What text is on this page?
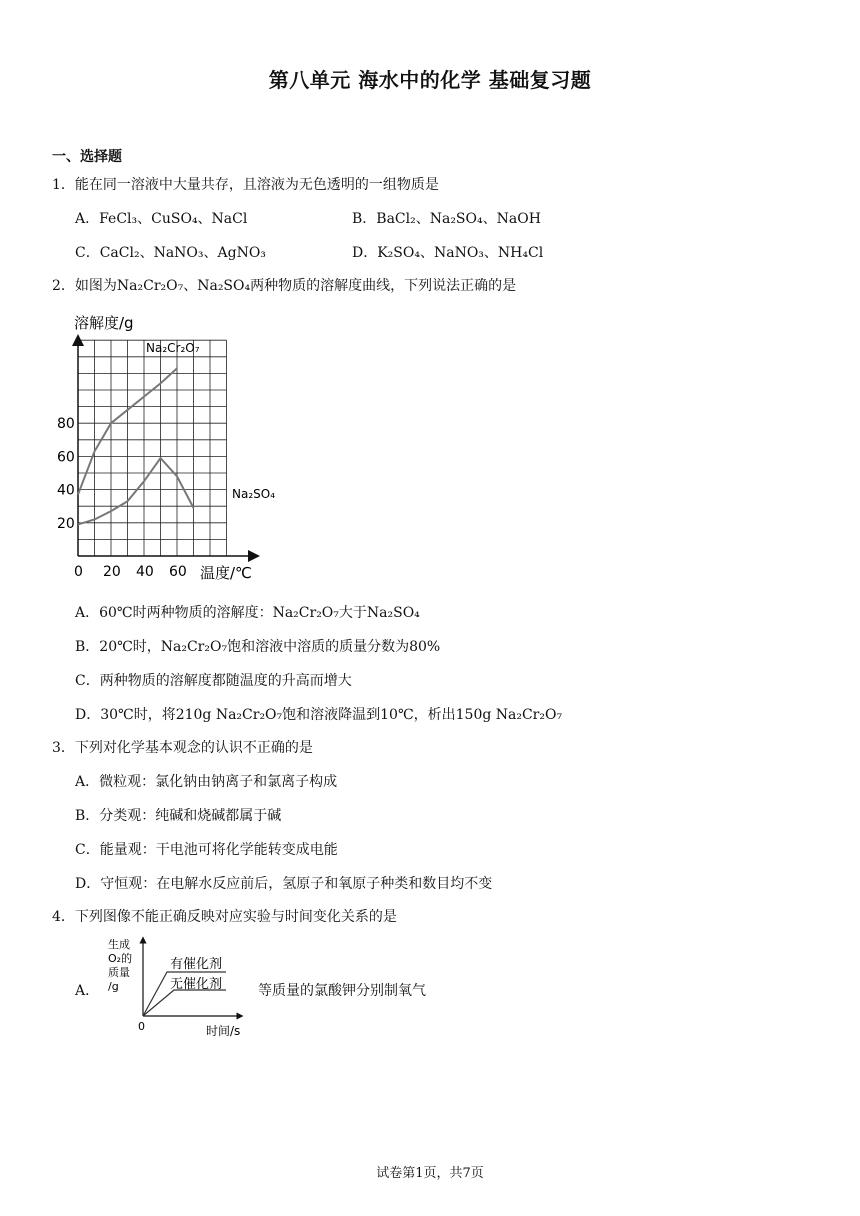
第八单元 海水中的化学 基础复习题
一、选择题
1．能在同一溶液中大量共存，且溶液为无色透明的一组物质是
A．FeCl₃、CuSO₄、NaCl	B．BaCl₂、Na₂SO₄、NaOH
C．CaCl₂、NaNO₃、AgNO₃	D．K₂SO₄、NaNO₃、NH₄Cl
2．如图为Na₂Cr₂O₇、Na₂SO₄两种物质的溶解度曲线，下列说法正确的是
0 20 40 60
20
40
60
80
溶解度/g
温度/℃
Na₂Cr₂O₇
Na₂SO₄
A．60℃时两种物质的溶解度：Na₂Cr₂O₇大于Na₂SO₄
B．20℃时，Na₂Cr₂O₇饱和溶液中溶质的质量分数为80%
C．两种物质的溶解度都随温度的升高而增大
D．30℃时，将210g Na₂Cr₂O₇饱和溶液降温到10℃，析出150g Na₂Cr₂O₇
3．下列对化学基本观念的认识不正确的是
A．微粒观：氯化钠由钠离子和氯离子构成
B．分类观：纯碱和烧碱都属于碱
C．能量观：干电池可将化学能转变成电能
D．守恒观：在电解水反应前后，氢原子和氧原子种类和数目均不变
4．下列图像不能正确反映对应实验与时间变化关系的是
A．
有催化剂
无催化剂
生成
O₂的
质量
/g
0	时间/s
等质量的氯酸钾分别制氧气
试卷第1页，共7页
